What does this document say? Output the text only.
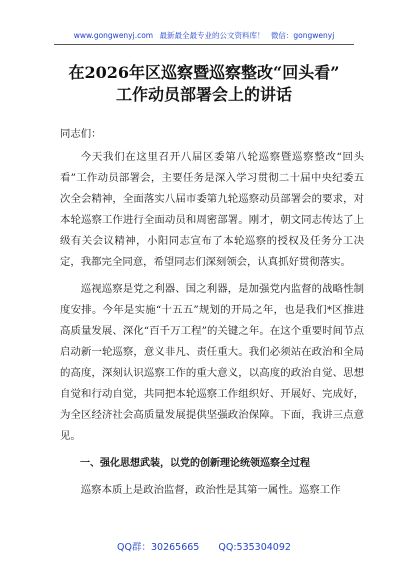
www.gongwenyj.com 最新最全最专业的公文资料库！ 微信：gongwenyj
在2026年区巡察暨巡察整改“回头看”
工作动员部署会上的讲话
同志们：
今天我们在这里召开八届区委第八轮巡察暨巡察整改“回头看”工作动员部署会，主要任务是深入学习贯彻二十届中央纪委五次全会精神，全面落实八届市委第九轮巡察动员部署会的要求，对本轮巡察工作进行全面动员和周密部署。刚才，朝文同志传达了上级有关会议精神，小阳同志宣布了本轮巡察的授权及任务分工决定，我都完全同意，希望同志们深刻领会，认真抓好贯彻落实。
巡视巡察是党之利器、国之利器，是加强党内监督的战略性制度安排。今年是实施“十五五”规划的开局之年，也是我们*区推进高质量发展、深化“百千万工程”的关键之年。在这个重要时间节点启动新一轮巡察，意义非凡、责任重大。我们必须站在政治和全局的高度，深刻认识巡察工作的重大意义，以高度的政治自觉、思想自觉和行动自觉，共同把本轮巡察工作组织好、开展好、完成好，为全区经济社会高质量发展提供坚强政治保障。下面，我讲三点意见。
一、强化思想武装，以党的创新理论统领巡察全过程
巡察本质上是政治监督，政治性是其第一属性。巡察工作
QQ群：30265665 QQ:535304092
